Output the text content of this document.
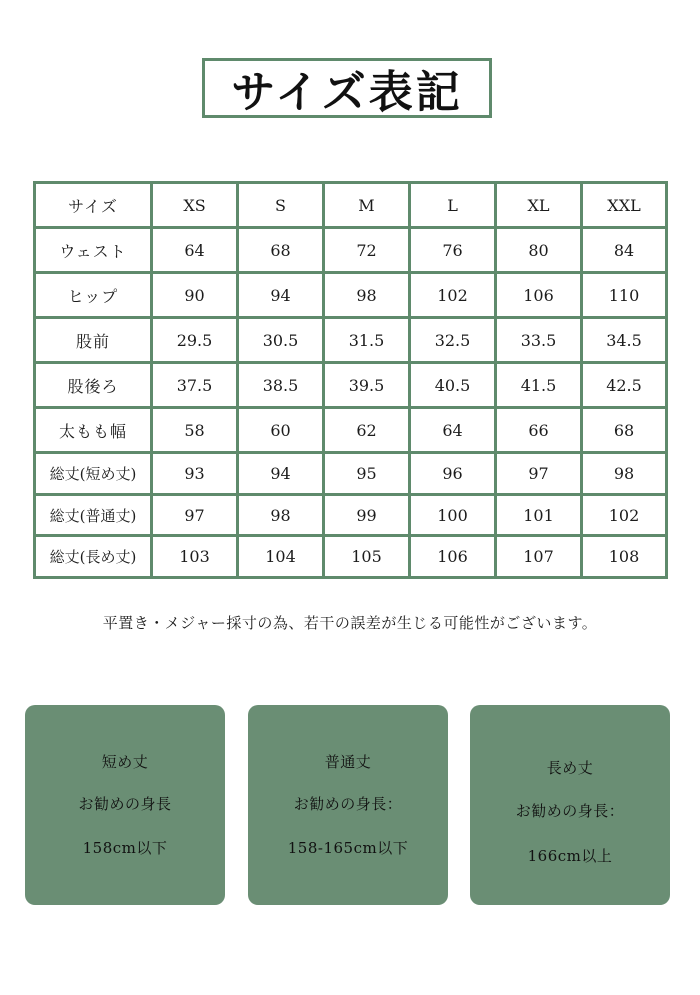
サイズ表記
サイズ	XS	S	M	L	XL	XXL
ウェスト	64	68	72	76	80	84
ヒップ	90	94	98	102	106	110
股前	29.5	30.5	31.5	32.5	33.5	34.5
股後ろ	37.5	38.5	39.5	40.5	41.5	42.5
太もも幅	58	60	62	64	66	68
総丈(短め丈)	93	94	95	96	97	98
総丈(普通丈)	97	98	99	100	101	102
総丈(長め丈)	103	104	105	106	107	108
平置き・メジャー採寸の為、若干の誤差が生じる可能性がございます。
短め丈
お勧めの身長
158cm以下
普通丈
お勧めの身長：
158-165cm以下
長め丈
お勧めの身長：
166cm以上
